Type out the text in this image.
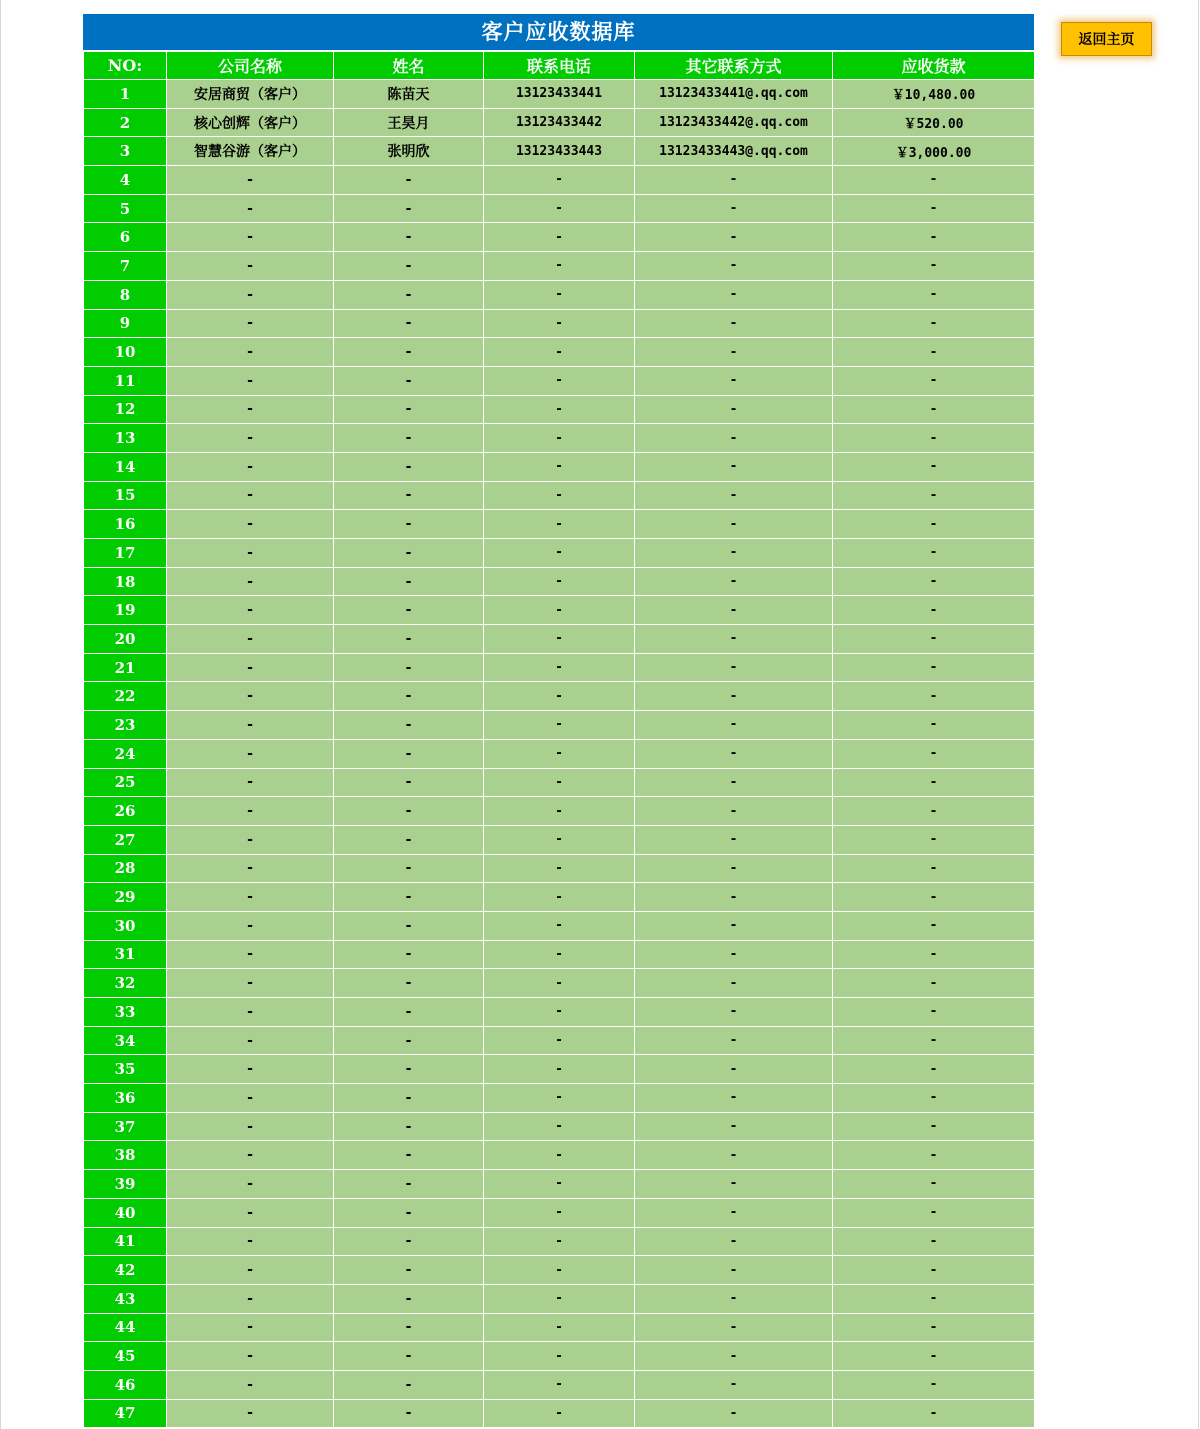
客户应收数据库	返回主页
NO:	公司名称	姓名	联系电话	其它联系方式	应收货款
1	安居商贸（客户）	陈苗天	13123433441	13123433441@.qq.com	￥10,480.00
2	核心创辉（客户）	王昊月	13123433442	13123433442@.qq.com	￥520.00
3	智慧谷游（客户）	张明欣	13123433443	13123433443@.qq.com	￥3,000.00
4	-	-	-	-	-
5	-	-	-	-	-
6	-	-	-	-	-
7	-	-	-	-	-
8	-	-	-	-	-
9	-	-	-	-	-
10	-	-	-	-	-
11	-	-	-	-	-
12	-	-	-	-	-
13	-	-	-	-	-
14	-	-	-	-	-
15	-	-	-	-	-
16	-	-	-	-	-
17	-	-	-	-	-
18	-	-	-	-	-
19	-	-	-	-	-
20	-	-	-	-	-
21	-	-	-	-	-
22	-	-	-	-	-
23	-	-	-	-	-
24	-	-	-	-	-
25	-	-	-	-	-
26	-	-	-	-	-
27	-	-	-	-	-
28	-	-	-	-	-
29	-	-	-	-	-
30	-	-	-	-	-
31	-	-	-	-	-
32	-	-	-	-	-
33	-	-	-	-	-
34	-	-	-	-	-
35	-	-	-	-	-
36	-	-	-	-	-
37	-	-	-	-	-
38	-	-	-	-	-
39	-	-	-	-	-
40	-	-	-	-	-
41	-	-	-	-	-
42	-	-	-	-	-
43	-	-	-	-	-
44	-	-	-	-	-
45	-	-	-	-	-
46	-	-	-	-	-
47	-	-	-	-	-
